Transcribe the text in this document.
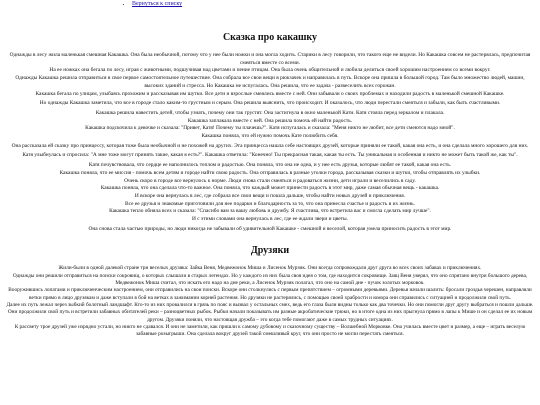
• Вернуться к списку
Сказка про какашку

Однажды в лесу жила маленькая смешная Какашка. Она была необычной, потому что у нее были ножки и она могла ходить. Старики в лесу говорили, что такого еще не видели. Но Какашка совсем не растерялась, предпочитая смеяться вместе со всеми.

На ее ножках она бегала по лесу, играя с животными, подшучивая над цветами и пение птицам. Она была очень общительной и любила делиться своей хорошим настроением со всеми вокруг.

Однажды Какашка решила отправиться в свое первое самостоятельное путешествие. Она собрала все свои вещи в рюкзачек и направилась в путь. Вскоре она пришла в большой город. Там было множество людей, машин, высоких зданий и стресса. Но Какашка не испугалась. Она решила, что ее задача - развеселить всех горожан.

Какашка бегала по улицам, улыбаясь прохожим и рассказывая им шутки. Все дети и взрослые смеялись вместе с ней. Они забывали о своих проблемах и находили радость в маленькой смешной Какашке.

Но однажды Какашка заметила, что все в городе стало каким-то грустным и серым. Она решила выяснить, что происходит. И оказалось, что люди перестали смеяться и забыли, как быть счастливыми.

Какашка решила навестить детей, чтобы узнать, почему они так грустят. Она застигнула в окно маленькой Кати. Катя стояла перед зеркалом и плакала.

Какашка заплакала вместе с ней. Она решила помочь ей найти радость.

Какашка подскочила к девочке и сказала: "Привет, Катя! Почему ты плачешь?". Катя испугалась и сказала: "Меня никто не любит, все дети смеются надо мной".

Какашка поняла, что ей нужно помочь Кате полюбить себя.

Она рассказала ей сказку про принцессу, которая тоже была необычной и не похожей на других. Эта принцесса нашла себе настоящих друзей, которые приняли ее такой, какая она есть, и она сделала много хорошего для них.

Катя улыбнулась и спросила: "А мне тоже могут принять такие, какая я есть?". Какашка ответила: "Конечно! Ты прекрасная такая, какая ты есть. Ты уникальная и особенная и никто не может быть такой же, как ты".

Катя почувствовала, что сердце ее наполнилось теплом и радостью. Она поняла, что она не одна, и у нее есть друзья, которые любят ее такой, какая она есть.

Какашка поняла, что ее миссия - помочь всем детям и городе найти свою радость. Она отправилась в разные уголки города, рассказывая сказки и шутки, чтобы отправлять их улыбки.

Очень скоро в городе все вернулось к норме. Люди снова стали смеяться и радоваться жизни, дети играли и веселились в саду.

Какашка поняла, что она сделала что-то важное. Она поняла, что каждый может принести радость в этот мир, даже самая обычная вещь - какашка.

И вскоре она вернулась в лес, где собрала все свои вещи и пошла дальше, чтобы найти новых друзей и приключения.

Все ее друзья и знакомые приготовили для нее подарки и благодарность за то, что она принесла счастье и радость в их жизнь.

Какашка тепло обняла всех и сказала: "Спасибо вам за вашу любовь и дружбу. Я счастлива, что встретила вас и смогла сделать мир лучше".

И с этими словами она вернулась в лес, где ее ждали звери и цветы.

Она снова стала частью природы, но люди никогда не забывали об удивительной Какашке - смешной и веселой, которая умела приносить радость в этот мир.

Друзяки

Жили-были в одной далекой стране три веселых друзяка: Зайка Веня, Медвежонок Миша и Лисенок Мурзик. Они всегда сопровождали друг друга во всех своих забавах и приключениях.

Однажды они решили отправиться на поиски сокровищ, о которых слышали в старых легендах. Но у каждого из них была своя идея о том, где находится сокровище. Заяц Веня уверял, что оно спрятано внутри большого дерева, Медвежонок Миша считал, что искать его надо на дне реки, а Лисенок Мурзик полагал, что оно на самой дне - пучок золотых морковок.

Вооружившись лопатами и приключенческим настроением, они отправились на свои поиски. Вскоре они столкнулись с первым препятствием – огромными деревьями. Деревья начали шалить: бросали гроздья черешен, направляли ветки прямо в лицо друзякам и даже вступали в бой на ветках в зажимании корней растения. Но друзяки не растерялись, с помощью своей храбрости и юмора они справились с ситуацией и продолжили свой путь.

Далее их путь лежал через зыбкий болотный ландшафт. Кто-то из них провалился в грязь по пояс и вызвал у остальных смех, ведь его глаза были видны только как два точечки. Но они помогли друг другу выбраться и пошли дальше.

Они продолжили свой путь и встретили забавных обитателей реки – разноцветных рыбок. Рыбки начали показывать им разные акробатические трюки, но в итоге одна из них прыгнула прямо в лапы к Мише и он сделал ее их новым другом. Друзяки поняли, что настоящая дружба – это когда тебе помогают даже в самых трудных ситуациях.

К рассвету трое друзей уже изрядно устали, но никто не сдавался. И они не заметили, как пришли к самому дубовому и сказочному существу – Волшебной Морковке. Она училась вместе цвет и размер, а еще – играть веселую забавные розыгрыши. Она сделала вокруг друзей такой смешливый круг, что они просто не могли перестать смеяться.
